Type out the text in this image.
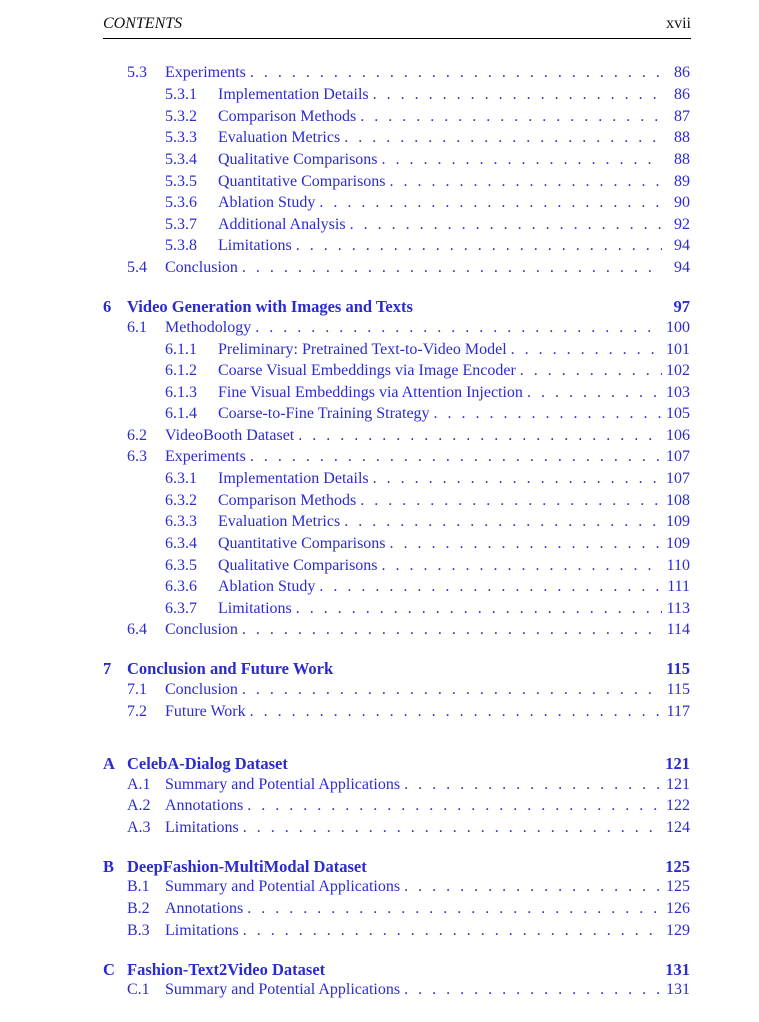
CONTENTS	xvii
5.3	Experiments . . .	86
5.3.1	Implementation Details . . .	86
5.3.2	Comparison Methods . . .	87
5.3.3	Evaluation Metrics . . .	88
5.3.4	Qualitative Comparisons . . .	88
5.3.5	Quantitative Comparisons . . .	89
5.3.6	Ablation Study . . .	90
5.3.7	Additional Analysis . . .	92
5.3.8	Limitations . . .	94
5.4	Conclusion . . .	94
6 Video Generation with Images and Texts	97
6.1	Methodology . . .	100
6.1.1	Preliminary: Pretrained Text-to-Video Model . . .	101
6.1.2	Coarse Visual Embeddings via Image Encoder . . .	102
6.1.3	Fine Visual Embeddings via Attention Injection . . .	103
6.1.4	Coarse-to-Fine Training Strategy . . .	105
6.2	VideoBooth Dataset . . .	106
6.3	Experiments . . .	107
6.3.1	Implementation Details . . .	107
6.3.2	Comparison Methods . . .	108
6.3.3	Evaluation Metrics . . .	109
6.3.4	Quantitative Comparisons . . .	109
6.3.5	Qualitative Comparisons . . .	110
6.3.6	Ablation Study . . .	111
6.3.7	Limitations . . .	113
6.4	Conclusion . . .	114
7 Conclusion and Future Work	115
7.1	Conclusion . . .	115
7.2	Future Work . . .	117
A CelebA-Dialog Dataset	121
A.1 Summary and Potential Applications . . .	121
A.2 Annotations . . .	122
A.3 Limitations . . .	124
B DeepFashion-MultiModal Dataset	125
B.1 Summary and Potential Applications . . .	125
B.2 Annotations . . .	126
B.3 Limitations . . .	129
C Fashion-Text2Video Dataset	131
C.1 Summary and Potential Applications . . .	131
